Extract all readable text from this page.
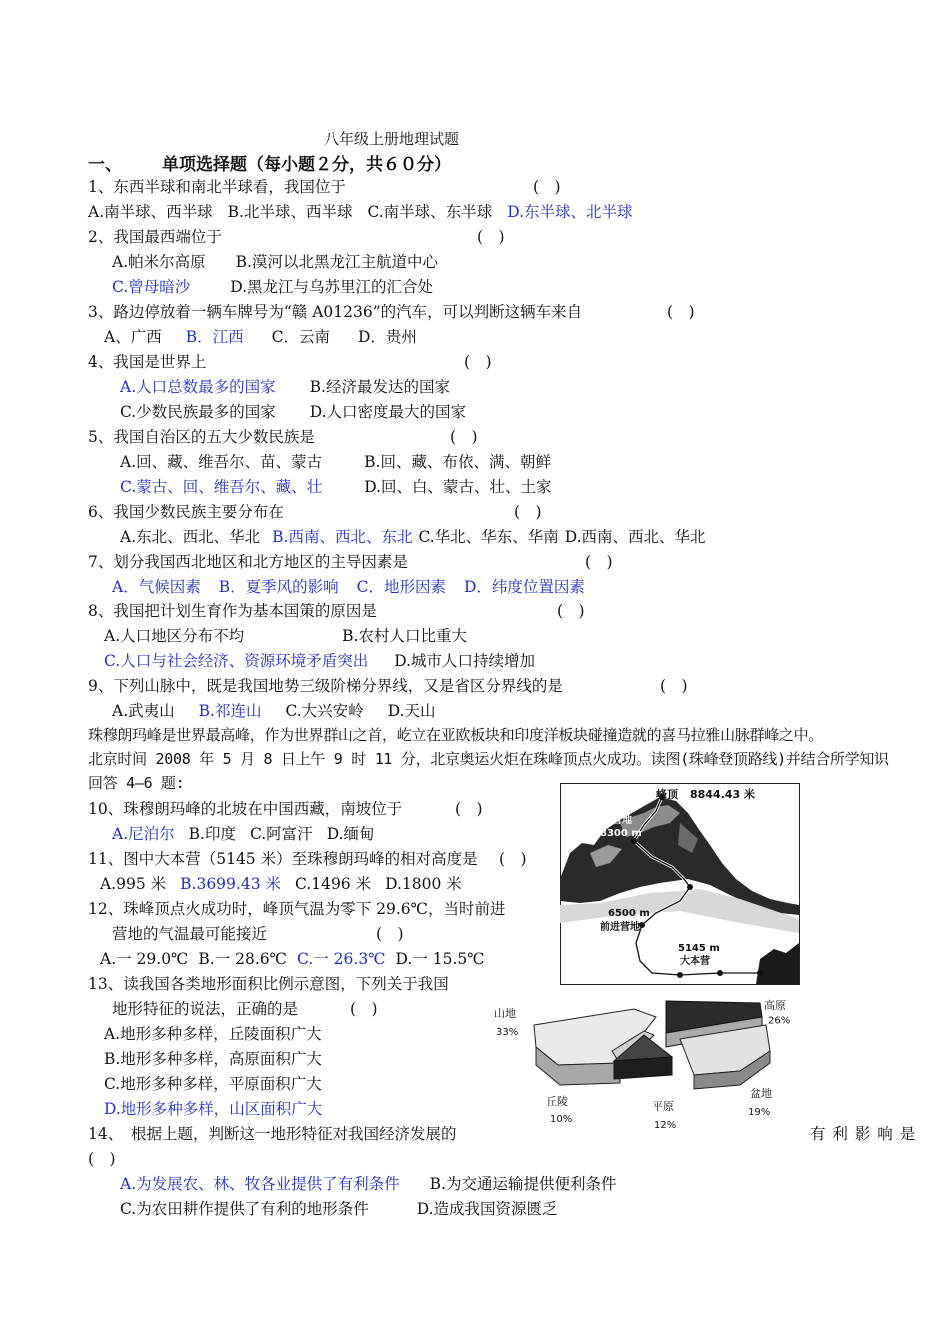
八年级上册地理试题
一、 单项选择题（每小题２分，共６０分）
1、东西半球和南北半球看，我国位于	(　)
A.南半球、西半球 B.北半球、西半球 C.南半球、东半球 D.东半球、北半球
2、我国最西端位于	(　)
A.帕米尔高原 B.漠河以北黑龙江主航道中心
C.曾母暗沙	D.黑龙江与乌苏里江的汇合处
3、路边停放着一辆车牌号为“赣 A01236”的汽车，可以判断这辆车来自	(　)
A、广西 B．江西 C．云南 D．贵州
4、我国是世界上	(　)
A.人口总数最多的国家 B.经济最发达的国家
C.少数民族最多的国家 D.人口密度最大的国家
5、我国自治区的五大少数民族是	(　)
A.回、藏、维吾尔、苗、蒙古	B.回、藏、布依、满、朝鲜
C.蒙古、回、维吾尔、藏、壮	D.回、白、蒙古、壮、土家
6、我国少数民族主要分布在	(　)
A.东北、西北、华北 B.西南、西北、东北 C.华北、华东、华南 D.西南、西北、华北
7、划分我国西北地区和北方地区的主导因素是	(　)
A．气候因素 B．夏季风的影响 C．地形因素 D．纬度位置因素
8、我国把计划生育作为基本国策的原因是	(　)
A.人口地区分布不均	B.农村人口比重大
C.人口与社会经济、资源环境矛盾突出 D.城市人口持续增加
9、下列山脉中，既是我国地势三级阶梯分界线，又是省区分界线的是	(　)
A.武夷山 B.祁连山 C.大兴安岭 D.天山
珠穆朗玛峰是世界最高峰，作为世界群山之首，屹立在亚欧板块和印度洋板块碰撞造就的喜马拉雅山脉群峰之中。
北京时间 2008 年 5 月 8 日上午 9 时 11 分，北京奥运火炬在珠峰顶点火成功。读图(珠峰登顶路线)并结合所学知识
回答 4—6 题:
10、珠穆朗玛峰的北坡在中国西藏，南坡位于	(　)
A.尼泊尔 B.印度 C.阿富汗 D.缅甸
11、图中大本营（5145 米）至珠穆朗玛峰的相对高度是 (　)
A.995 米 B.3699.43 米 C.1496 米 D.1800 米
12、珠峰顶点火成功时，峰顶气温为零下 29.6℃，当时前进
营地的气温最可能接近	(　)
A.一 29.0℃ B.一 28.6℃ C.一 26.3℃ D.一 15.5℃
13、读我国各类地形面积比例示意图，下列关于我国
地形特征的说法，正确的是	(　)
A.地形多种多样，丘陵面积广大
B.地形多种多样，高原面积广大
C.地形多种多样，平原面积广大
D.地形多种多样，山区面积广大
14、　根据上题，判断这一地形特征对我国经济发展的	有 利 影 响 是
(　)
A.为发展农、林、牧各业提供了有利条件 B.为交通运输提供便利条件
C.为农田耕作提供了有利的地形条件	D.造成我国资源匮乏
峰顶 8844.43 米
突击营地
8300 m
北坳
6500 m
前进营地
5145 m
大本营
山地
33%
高原
26%
丘陵
10%
平原
12%
盆地
19%
